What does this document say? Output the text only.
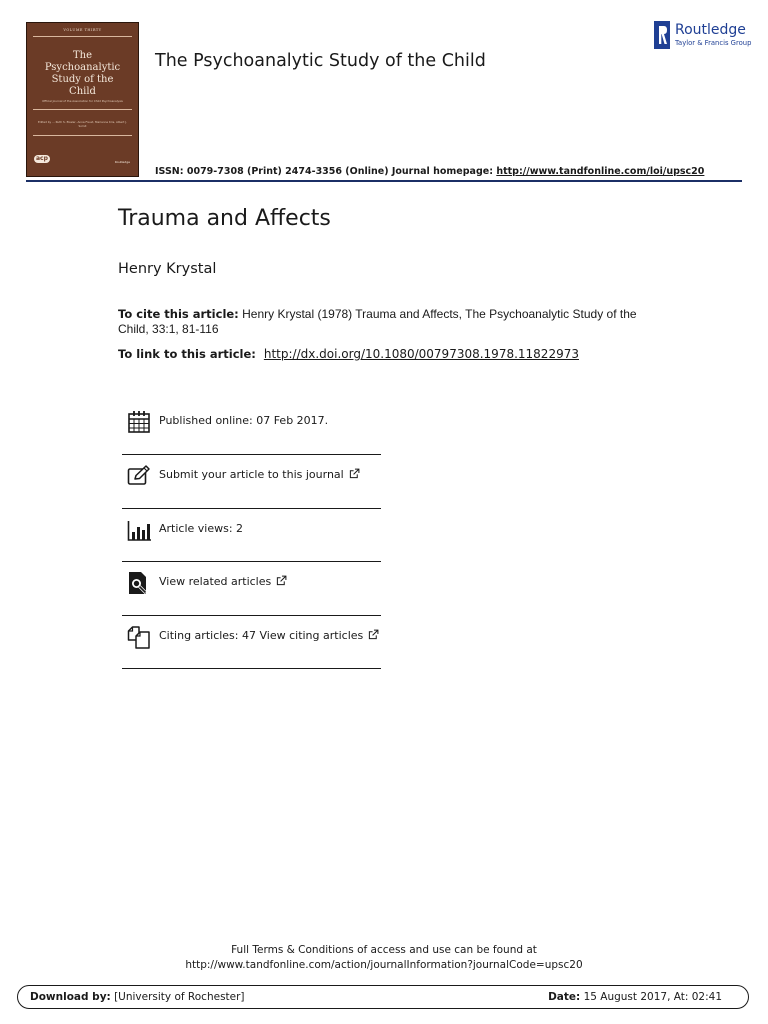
VOLUME THIRTY
The
Psychoanalytic
Study of the
Child
Official Journal of the Association for Child Psychoanalysis
Edited by ... Ruth S. Eissler, Anna Freud, Marianne Kris, Albert J. Solnit
acp	Routledge
The Psychoanalytic Study of the Child
ISSN: 0079-7308 (Print) 2474-3356 (Online) Journal homepage: http://www.tandfonline.com/loi/upsc20
Routledge
Taylor & Francis Group
Trauma and Affects
Henry Krystal
To cite this article: Henry Krystal (1978) Trauma and Affects, The Psychoanalytic Study of the Child, 33:1, 81-116
To link to this article: http://dx.doi.org/10.1080/00797308.1978.11822973
Published online: 07 Feb 2017.
Submit your article to this journal
Article views: 2
View related articles
Citing articles: 47 View citing articles
Full Terms & Conditions of access and use can be found at
http://www.tandfonline.com/action/journalInformation?journalCode=upsc20
Download by: [University of Rochester]	Date: 15 August 2017, At: 02:41
